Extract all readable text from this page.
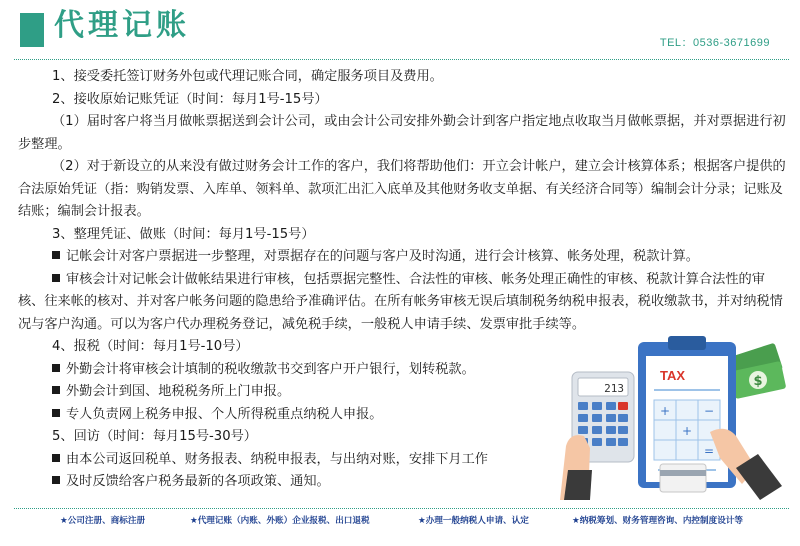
代理记账	TEL：0536-3671699

1、接受委托签订财务外包或代理记账合同，确定服务项目及费用。

2、接收原始记账凭证（时间：每月1号-15号）

（1）届时客户将当月做帐票据送到会计公司，或由会计公司安排外勤会计到客户指定地点收取当月做帐票据，并对票据进行初步整理。

（2）对于新设立的从来没有做过财务会计工作的客户，我们将帮助他们：开立会计帐户，建立会计核算体系；根据客户提供的合法原始凭证（指：购销发票、入库单、领料单、款项汇出汇入底单及其他财务收支单据、有关经济合同等）编制会计分录；记账及结账；编制会计报表。

3、整理凭证、做账（时间：每月1号-15号）

记帐会计对客户票据进一步整理，对票据存在的问题与客户及时沟通，进行会计核算、帐务处理，税款计算。

审核会计对记帐会计做帐结果进行审核，包括票据完整性、合法性的审核、帐务处理正确性的审核、税款计算合法性的审核、往来帐的核对、并对客户帐务问题的隐患给予准确评估。在所有帐务审核无误后填制税务纳税申报表，税收缴款书，并对纳税情况与客户沟通。可以为客户代办理税务登记，减免税手续，一般税人申请手续、发票审批手续等。

4、报税（时间：每月1号-10号）

外勤会计将审核会计填制的税收缴款书交到客户开户银行，划转税款。

外勤会计到国、地税税务所上门申报。

专人负责网上税务申报、个人所得税重点纳税人申报。

5、回访（时间：每月15号-30号）

由本公司返回税单、财务报表、纳税申报表，与出纳对账，安排下月工作

及时反馈给客户税务最新的各项政策、通知。

$
TAX
+
+
−
=
213
★公司注册、商标注册	★代理记账（内账、外账）企业报税、出口退税	★办理一般纳税人申请、认定	★纳税筹划、财务管理咨询、内控制度设计等
